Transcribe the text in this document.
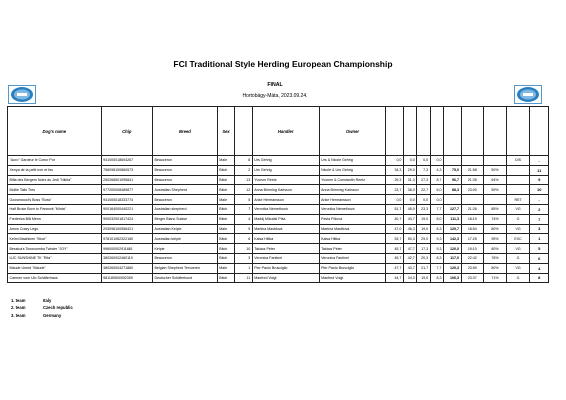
FCI Traditional Style Herding European Championship
FINAL
Hortobágy-Máta, 2023.09.24.
Dog's name	Chip	Breed	Sex		Handler	Owner	

"Auro" Gardeur le Coeur Pur	941000018604267	Beauceron	Male	8	Urs Gehrig	Urs & Nicole Gehrig	0,0	0,0	0,0	0,0				DIS	-
Xenya de la petit noir et feu	756098100860573	Beauceron	Bitch	2	Urs Gehrig	Nicole & Urs Gehrig	34,3	29,0	7,3	4,3	75,0	21:58	50%		11
Bifia des Bergers Noirs du Jedi "Nikita"	250268501095841	Beauceron	Bitch	13	Yvonne Reetz	Yvonne & Constantin Reetz	29,3	31,3	27,3	8,7	96,7	21:35	64%		9
Mollie Tails Tres	977200008489877	Australian Shepherd	Bitch	12	Anna Brinning Karlsson	Anna Brinning Karlsson	23,7	36,0	22,7	6,0	88,3	23:00	59%		10
Goosewood's Boss "Boss"	941000018333774	Beauceron	Male	5	Anke Hermansson	Anke Hermansson	0,0	0,0	0,0	0,0				RET	-
Half Broke Born to Firework "Minta"	900164000440221	Australian shepherd	Bitch	7	Veronika Némethová	Veronika Némethová	51,7	45,0	23,3	7,7	127,7	21:26	85%	VG	2
Frederica Blå Menn	900032001817424	Berger Blanc Suisse	Bitch	4	Maddj Mikuláš Píša	Pavla Píšová	40,7	43,7	19,0	8,0	111,3	18:19	74%	G	7
Arrow Crazy Legs	203098100556421	Australian Kelpie	Male	9	Martina Mastilová	Martina Mastilová	47,0	46,3	19,0	8,3	120,7	18:54	80%	VG	3
Kelmi Maahinen "Moxi"	978101082322180	Australian kelpie	Bitch	6	Kaisa Hiltka	Kaisa Hiltka	53,7	50,3	29,0	9,3	142,3	17:25	95%	EXC	1
Bessica's Toowoomba Twister "JOY"	996000002911881	Kelpie	Bitch	10	Takács Péter	Takács Péter	45,7	47,7	17,3	9,3	120,0	19:10	80%	VG	5
UJC SUNSHINE TK "Rita"	380260002460119	Beauceron	Bitch	3	Veronica Fantinel	Veronica Fantinel	45,7	42,7	20,3	8,3	117,0	22:42	78%	G	6
Maude Unred "Maude"	380260004271860	Belgian Shepherd Tervueren	Male	1	Pier Paolo Brusciglio	Pier Paolo Brusciglio	47,7	43,7	21,7	7,7	120,3	23:59	80%	VG	4
Carmen vom Ulo Schäferhaus	981189500092359	Deutscher Schäferhund	Bitch	11	Manfred Voigt	Manfred Voigt	44,7	34,3	19,0	8,3	106,3	23:37	71%	G	8
1. team	Italy
2. team	Czech republic
3. team	Germany
